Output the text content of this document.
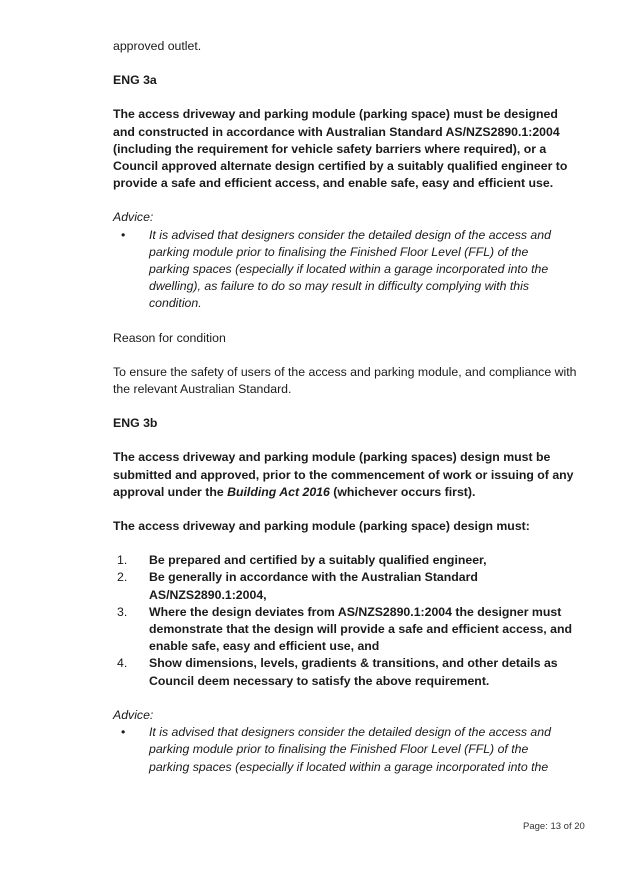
approved outlet.

ENG 3a

The access driveway and parking module (parking space) must be designed

and constructed in accordance with Australian Standard AS/NZS2890.1:2004

(including the requirement for vehicle safety barriers where required), or a

Council approved alternate design certified by a suitably qualified engineer to

provide a safe and efficient access, and enable safe, easy and efficient use.

Advice:

•	It is advised that designers consider the detailed design of the access and

parking module prior to finalising the Finished Floor Level (FFL) of the

parking spaces (especially if located within a garage incorporated into the

dwelling), as failure to do so may result in difficulty complying with this

condition.

Reason for condition

To ensure the safety of users of the access and parking module, and compliance with

the relevant Australian Standard.

ENG 3b

The access driveway and parking module (parking spaces) design must be

submitted and approved, prior to the commencement of work or issuing of any

approval under the Building Act 2016 (whichever occurs first).

The access driveway and parking module (parking space) design must:

1.	Be prepared and certified by a suitably qualified engineer,

2.	Be generally in accordance with the Australian Standard

AS/NZS2890.1:2004,

3.	Where the design deviates from AS/NZS2890.1:2004 the designer must

demonstrate that the design will provide a safe and efficient access, and

enable safe, easy and efficient use, and

4.	Show dimensions, levels, gradients & transitions, and other details as

Council deem necessary to satisfy the above requirement.

Advice:

•	It is advised that designers consider the detailed design of the access and

parking module prior to finalising the Finished Floor Level (FFL) of the

parking spaces (especially if located within a garage incorporated into the

Page: 13 of 20
